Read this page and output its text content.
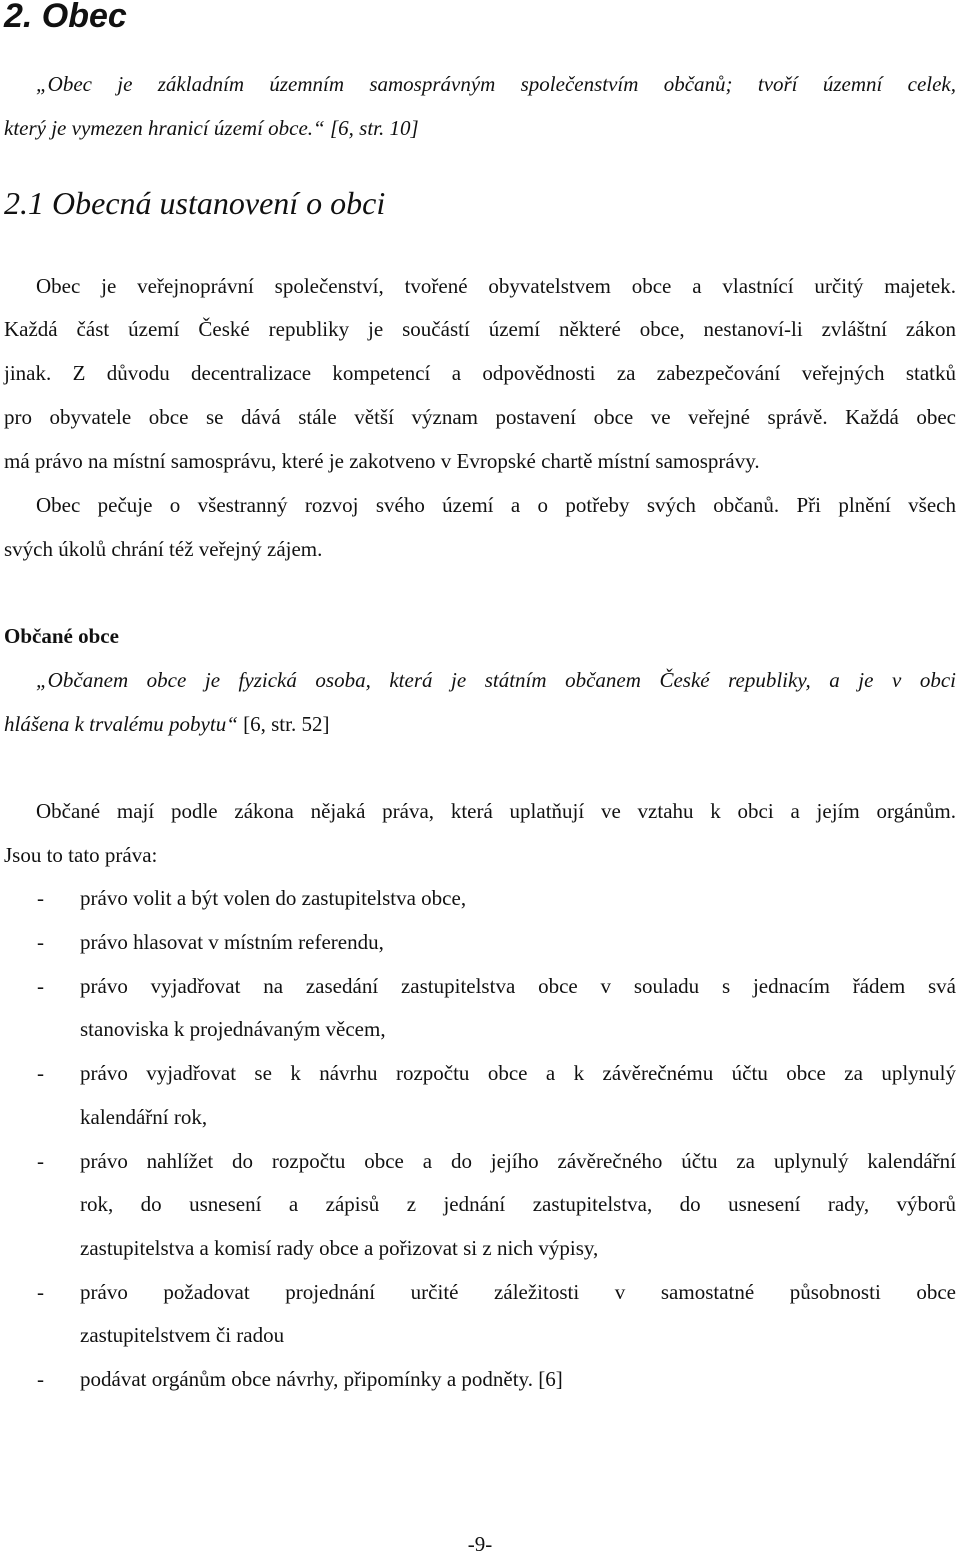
2. Obec
„Obec je základním územním samosprávným společenstvím občanů; tvoří územní celek,
který je vymezen hranicí území obce.“ [6, str. 10]
2.1 Obecná ustanovení o obci
Obec je veřejnoprávní společenství, tvořené obyvatelstvem obce a vlastnící určitý majetek.
Každá část území České republiky je součástí území některé obce, nestanoví-li zvláštní zákon
jinak. Z důvodu decentralizace kompetencí a odpovědnosti za zabezpečování veřejných statků
pro obyvatele obce se dává stále větší význam postavení obce ve veřejné správě. Každá obec
má právo na místní samosprávu, které je zakotveno v Evropské chartě místní samosprávy.
Obec pečuje o všestranný rozvoj svého území a o potřeby svých občanů. Při plnění všech
svých úkolů chrání též veřejný zájem.
Občané obce
„Občanem obce je fyzická osoba, která je státním občanem České republiky, a je v obci
hlášena k trvalému pobytu“ [6, str. 52]
Občané mají podle zákona nějaká práva, která uplatňují ve vztahu k obci a jejím orgánům.
Jsou to tato práva:
- právo volit a být volen do zastupitelstva obce,
- právo hlasovat v místním referendu,
- právo vyjadřovat na zasedání zastupitelstva obce v souladu s jednacím řádem svá
stanoviska k projednávaným věcem,
- právo vyjadřovat se k návrhu rozpočtu obce a k závěrečnému účtu obce za uplynulý
kalendářní rok,
- právo nahlížet do rozpočtu obce a do jejího závěrečného účtu za uplynulý kalendářní
rok, do usnesení a zápisů z jednání zastupitelstva, do usnesení rady, výborů
zastupitelstva a komisí rady obce a pořizovat si z nich výpisy,
- právo požadovat projednání určité záležitosti v samostatné působnosti obce
zastupitelstvem či radou
- podávat orgánům obce návrhy, připomínky a podněty. [6]
-9-
